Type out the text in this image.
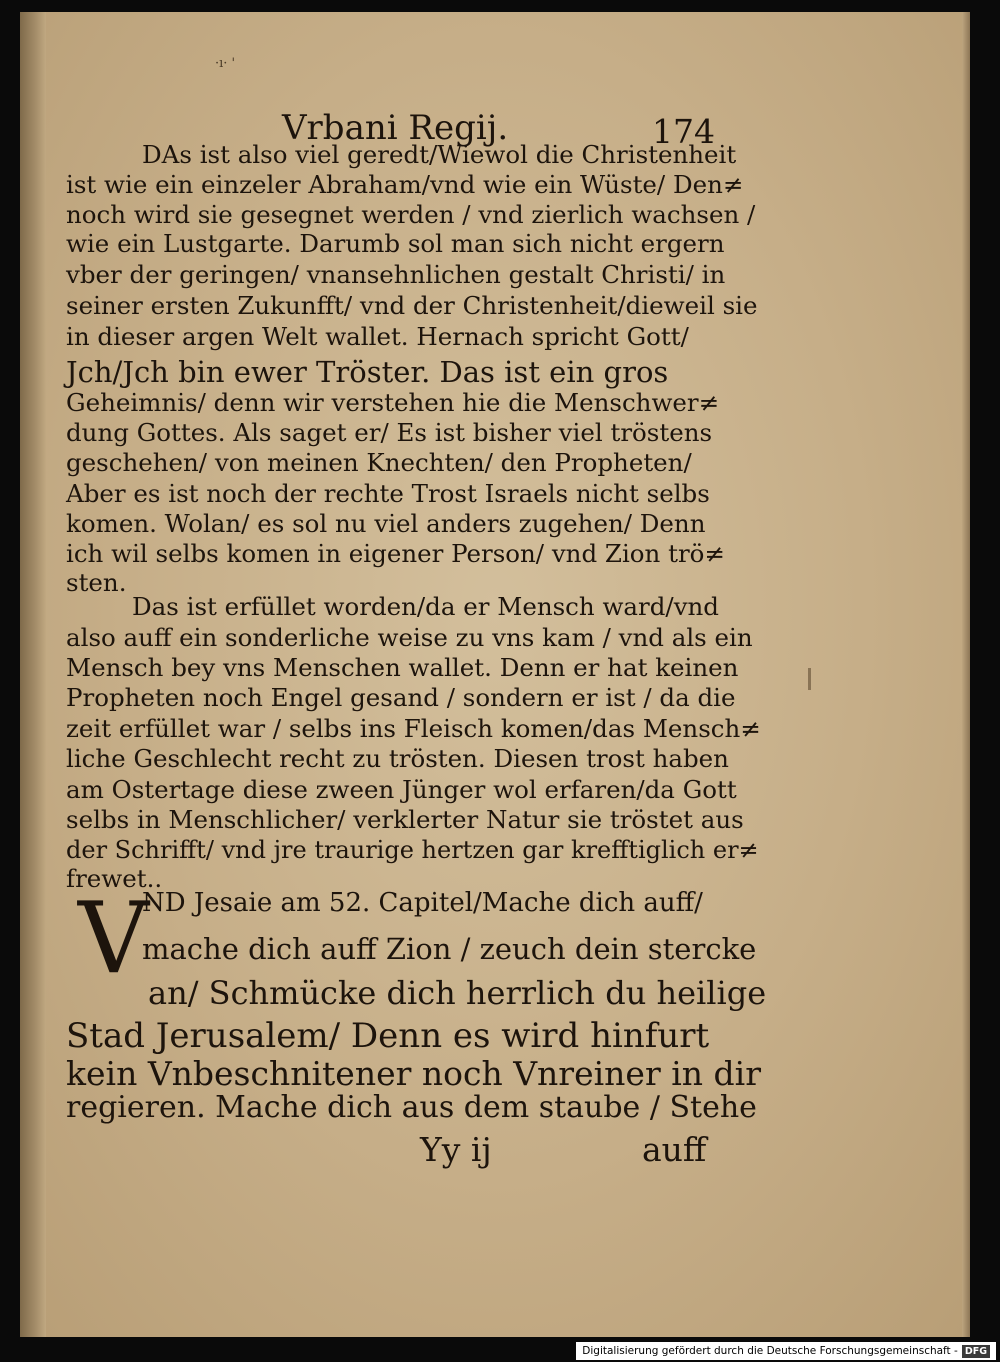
·ı· '
Vrbani Regij.	174
DAs ist also viel geredt/Wiewol die Christenheit
ist wie ein einzeler Abraham/vnd wie ein Wüste/ Den≠
noch wird sie gesegnet werden / vnd zierlich wachsen /
wie ein Lustgarte. Darumb sol man sich nicht ergern
vber der geringen/ vnansehnlichen gestalt Christi/ in
seiner ersten Zukunfft/ vnd der Christenheit/dieweil sie
in dieser argen Welt wallet. Hernach spricht Gott/
Jch/Jch bin ewer Tröster. Das ist ein gros
Geheimnis/ denn wir verstehen hie die Menschwer≠
dung Gottes. Als saget er/ Es ist bisher viel tröstens
geschehen/ von meinen Knechten/ den Propheten/
Aber es ist noch der rechte Trost Israels nicht selbs
komen. Wolan/ es sol nu viel anders zugehen/ Denn
ich wil selbs komen in eigener Person/ vnd Zion trö≠
sten.
Das ist erfüllet worden/da er Mensch ward/vnd
also auff ein sonderliche weise zu vns kam / vnd als ein
Mensch bey vns Menschen wallet. Denn er hat keinen
Propheten noch Engel gesand / sondern er ist / da die
zeit erfüllet war / selbs ins Fleisch komen/das Mensch≠
liche Geschlecht recht zu trösten. Diesen trost haben
am Ostertage diese zween Jünger wol erfaren/da Gott
selbs in Menschlicher/ verklerter Natur sie tröstet aus
der Schrifft/ vnd jre traurige hertzen gar krefftiglich er≠
frewet..
V
ND Jesaie am 52. Capitel/Mache dich auff/
mache dich auff Zion / zeuch dein stercke
an/ Schmücke dich herrlich du heilige
Stad Jerusalem/ Denn es wird hinfurt
kein Vnbeschnitener noch Vnreiner in dir
regieren. Mache dich aus dem staube / Stehe
Yy ij	auff
Digitalisierung gefördert durch die Deutsche Forschungsgemeinschaft - DFG
